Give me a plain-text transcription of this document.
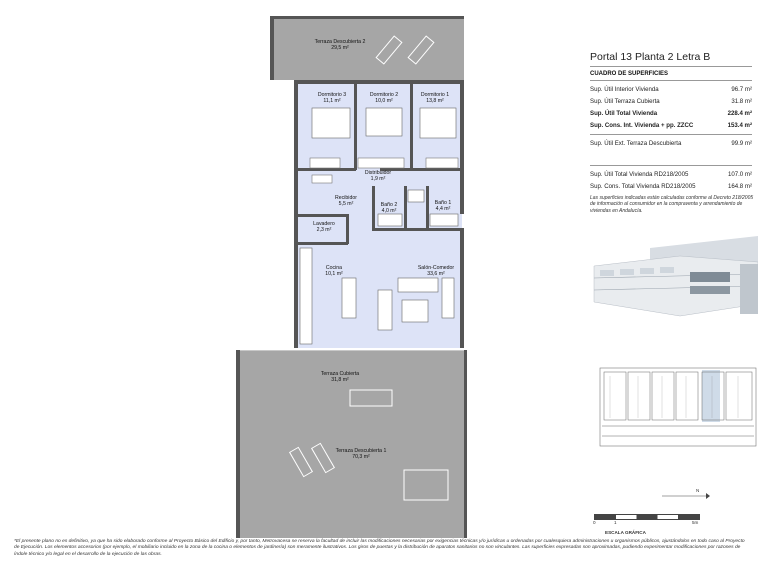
Terraza Descubierta 2
29,5 m²
Dormitorio 3
11,1 m²
Dormitorio 2
10,0 m²
Dormitorio 1
13,8 m²
Distribuidor
1,9 m²
Recibidor
5,5 m²	Baño 2
4,0 m²
Baño 1
4,4 m²
Lavadero
2,3 m²
Cocina
10,1 m²
Salón-Comedor
33,6 m²
Terraza Cubierta
31,8 m²
Terraza Descubierta 1
70,3 m²
Portal 13 Planta 2 Letra B
CUADRO DE SUPERFICIES
Sup. Útil Interior Vivienda	96.7 m²
Sup. Útil Terraza Cubierta	31.8 m²
Sup. Útil Total Vivienda	228.4 m²
Sup. Cons. Int. Vivienda + pp. ZZCC	153.4 m²
Sup. Útil Ext. Terraza Descubierta	99.9 m²
Sup. Útil Total Vivienda RD218/2005	107.0 m²
Sup. Cons. Total Vivienda RD218/2005	164.8 m²
Las superficies indicadas están calculadas conforme al Decreto 218/2005 de información al consumidor en la compraventa y arrendamiento de viviendas en Andalucía.
N
0	1	5m
ESCALA GRÁFICA
*El presente plano no es definitivo, ya que ha sido elaborado conforme al Proyecto Básico del Edificio y, por tanto, Metrovacesa se reserva la facultad de incluir las modificaciones necesarias por exigencias técnicas y/o jurídicas u ordenadas por cualesquiera administraciones u organismos públicos, ajustándolos en todo caso al Proyecto de Ejecución. Los elementos accesorios (por ejemplo, el mobiliario incluido en la zona de la cocina o elementos de jardinería) son meramente ilustrativos. Los giros de puertas y la distribución de aparatos sanitarios no son vinculantes. Las superficies expresadas son aproximadas, pudiendo experimentar modificaciones por razones de índole técnico y/o legal en el desarrollo de la ejecución de las obras.
